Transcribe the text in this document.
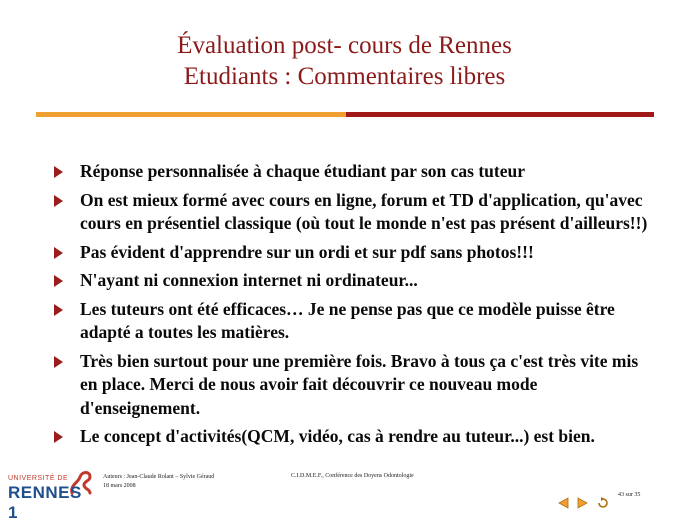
Évaluation post- cours de Rennes
Etudiants : Commentaires libres
Réponse personnalisée à chaque étudiant par son cas tuteur
On est mieux formé avec cours en ligne, forum et TD d'application, qu'avec cours en présentiel classique (où tout le monde n'est pas présent d'ailleurs!!)
Pas évident d'apprendre sur un ordi et sur pdf sans photos!!!
N'ayant ni connexion internet ni ordinateur...
Les tuteurs ont été efficaces… Je ne pense pas que ce modèle puisse être adapté a toutes les matières.
Très bien surtout pour une première fois. Bravo à tous ça c'est très vite mis en place. Merci de nous avoir fait découvrir ce nouveau mode d'enseignement.
Le concept d'activités(QCM, vidéo, cas à rendre au tuteur...) est bien.
UNIVERSITÉ DE
RENNES 1
Auteurs : Jean-Claude Rolant – Sylvie Géraud
18 mars 2008
C.I.D.M.E.F., Conférence des Doyens Odontologie
43 sur 35
